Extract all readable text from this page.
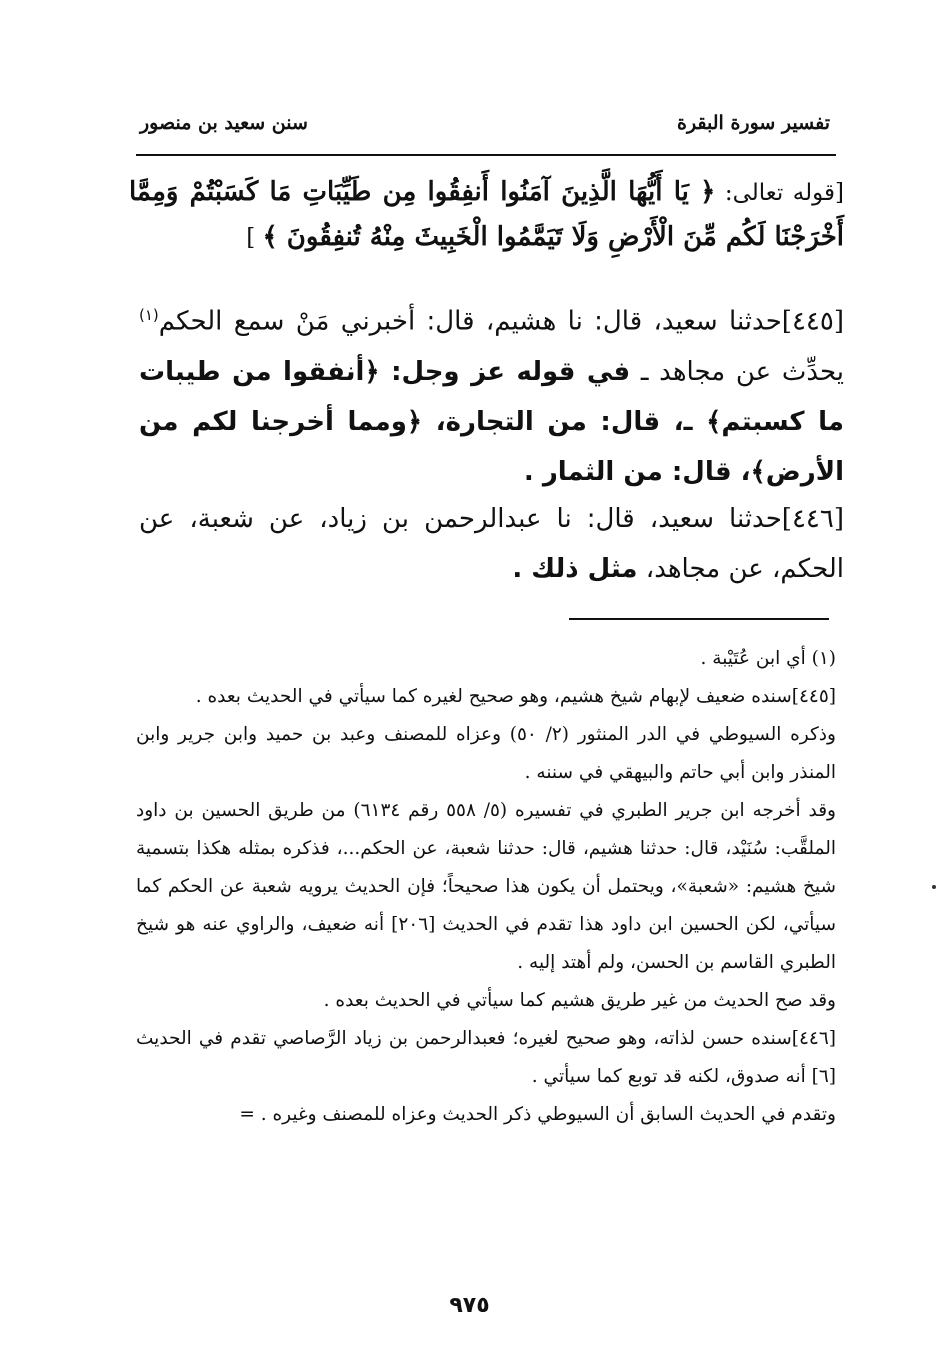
تفسير سورة البقرة
سنن سعيد بن منصور
[قوله تعالى: ﴿ يَا أَيُّهَا الَّذِينَ آمَنُوا أَنفِقُوا مِن طَيِّبَاتِ مَا كَسَبْتُمْ وَمِمَّا أَخْرَجْنَا لَكُم مِّنَ الْأَرْضِ وَلَا تَيَمَّمُوا الْخَبِيثَ مِنْهُ تُنفِقُونَ ﴾ ]
[٤٤٥]حدثنا سعيد، قال: نا هشيم، قال: أخبرني مَنْ سمع الحكم$^{(١)}$ يحدِّث عن مجاهد ـ في قوله عز وجل: ﴿أنفقوا من طيبات ما كسبتم﴾ ـ، قال: من التجارة، ﴿ومما أخرجنا لكم من الأرض﴾، قال: من الثمار .
[٤٤٦]حدثنا سعيد، قال: نا عبدالرحمن بن زياد، عن شعبة، عن الحكم، عن مجاهد، مثل ذلك .

(١) أي ابن عُتَيْبة .

[٤٤٥]سنده ضعيف لإبهام شيخ هشيم، وهو صحيح لغيره كما سيأتي في الحديث بعده .

وذكره السيوطي في الدر المنثور (٢/ ٥٠) وعزاه للمصنف وعبد بن حميد وابن جرير وابن المنذر وابن أبي حاتم والبيهقي في سننه .

وقد أخرجه ابن جرير الطبري في تفسيره (٥/ ٥٥٨ رقم ٦١٣٤) من طريق الحسين بن داود الملقَّب: سُنَيْد، قال: حدثنا هشيم، قال: حدثنا شعبة، عن الحكم...، فذكره بمثله هكذا بتسمية شيخ هشيم: «شعبة»، ويحتمل أن يكون هذا صحيحاً؛ فإن الحديث يرويه شعبة عن الحكم كما سيأتي، لكن الحسين ابن داود هذا تقدم في الحديث [٢٠٦] أنه ضعيف، والراوي عنه هو شيخ الطبري القاسم بن الحسن، ولم أهتد إليه .

وقد صح الحديث من غير طريق هشيم كما سيأتي في الحديث بعده .

[٤٤٦]سنده حسن لذاته، وهو صحيح لغيره؛ فعبدالرحمن بن زياد الرَّصاصي تقدم في الحديث [٦] أنه صدوق، لكنه قد توبع كما سيأتي .

وتقدم في الحديث السابق أن السيوطي ذكر الحديث وعزاه للمصنف وغيره . =

٩٧٥
